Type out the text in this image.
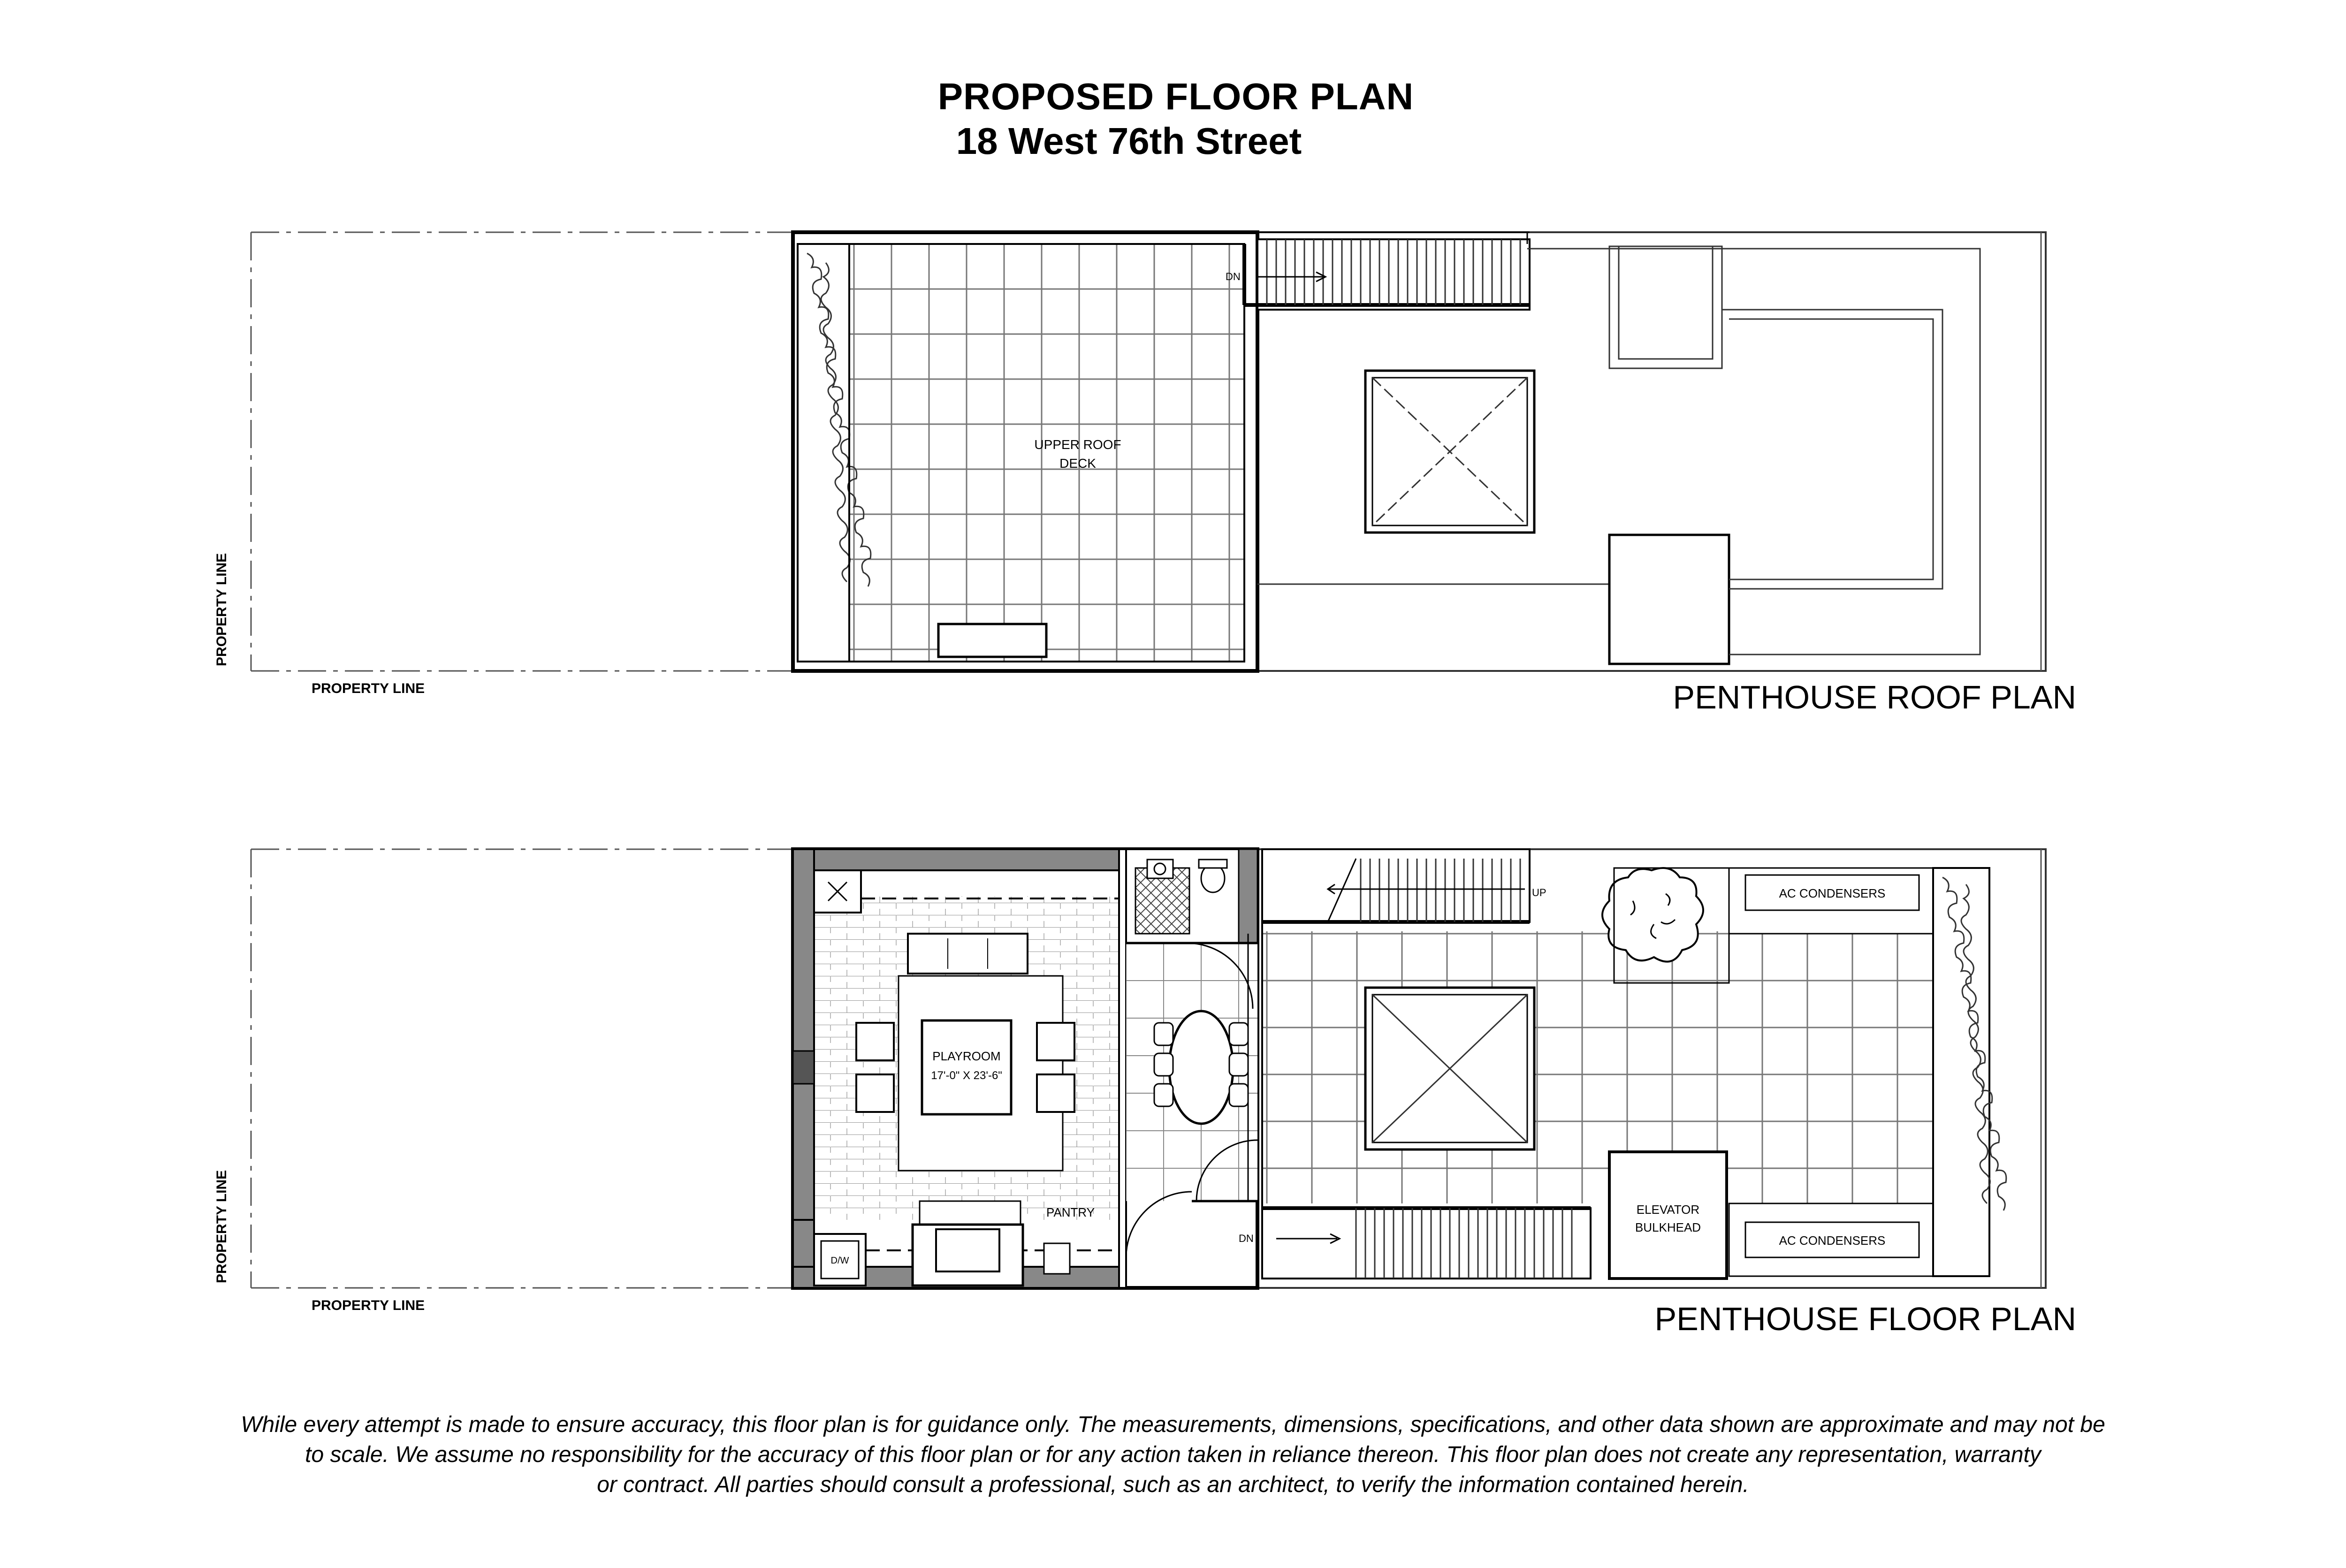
PROPOSED FLOOR PLAN
18 West 76th Street
UPPER ROOF
DECK
DN
PROPERTY LINE
PROPERTY LINE	PENTHOUSE ROOF PLAN
D/W
PLAYROOM
17'-0" X 23'-6"
PANTRY
UP
DN
AC CONDENSERS
AC CONDENSERS
ELEVATOR
BULKHEAD
PROPERTY LINE
PROPERTY LINE	PENTHOUSE FLOOR PLAN
While every attempt is made to ensure accuracy, this floor plan is for guidance only. The measurements, dimensions, specifications, and other data shown are approximate and may not be
to scale. We assume no responsibility for the accuracy of this floor plan or for any action taken in reliance thereon. This floor plan does not create any representation, warranty
or contract. All parties should consult a professional, such as an architect, to verify the information contained herein.
